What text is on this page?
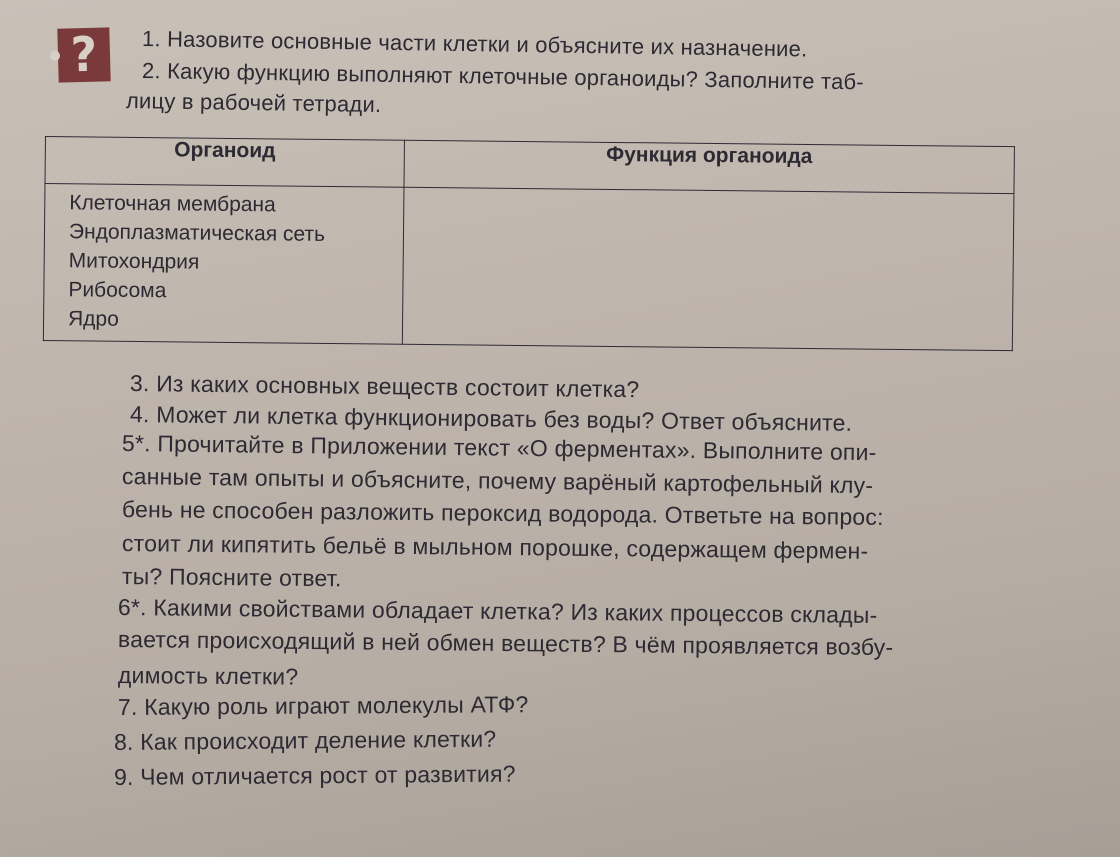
? 1. Назовите основные части клетки и объясните их назначение.
2. Какую функцию выполняют клеточные органоиды? Заполните таб-
лицу в рабочей тетради.
Органоид	Функция органоида

Клеточная мембрана
Эндоплазматическая сеть
Митохондрия
Рибосома
Ядро	

3. Из каких основных веществ состоит клетка?
4. Может ли клетка функционировать без воды? Ответ объясните.
5*. Прочитайте в Приложении текст «О ферментах». Выполните опи-
санные там опыты и объясните, почему варёный картофельный клу-
бень не способен разложить пероксид водорода. Ответьте на вопрос:
стоит ли кипятить бельё в мыльном порошке, содержащем фермен-
ты? Поясните ответ.
6*. Какими свойствами обладает клетка? Из каких процессов склады-
вается происходящий в ней обмен веществ? В чём проявляется возбу-
димость клетки?
7. Какую роль играют молекулы АТФ?
8. Как происходит деление клетки?
9. Чем отличается рост от развития?
